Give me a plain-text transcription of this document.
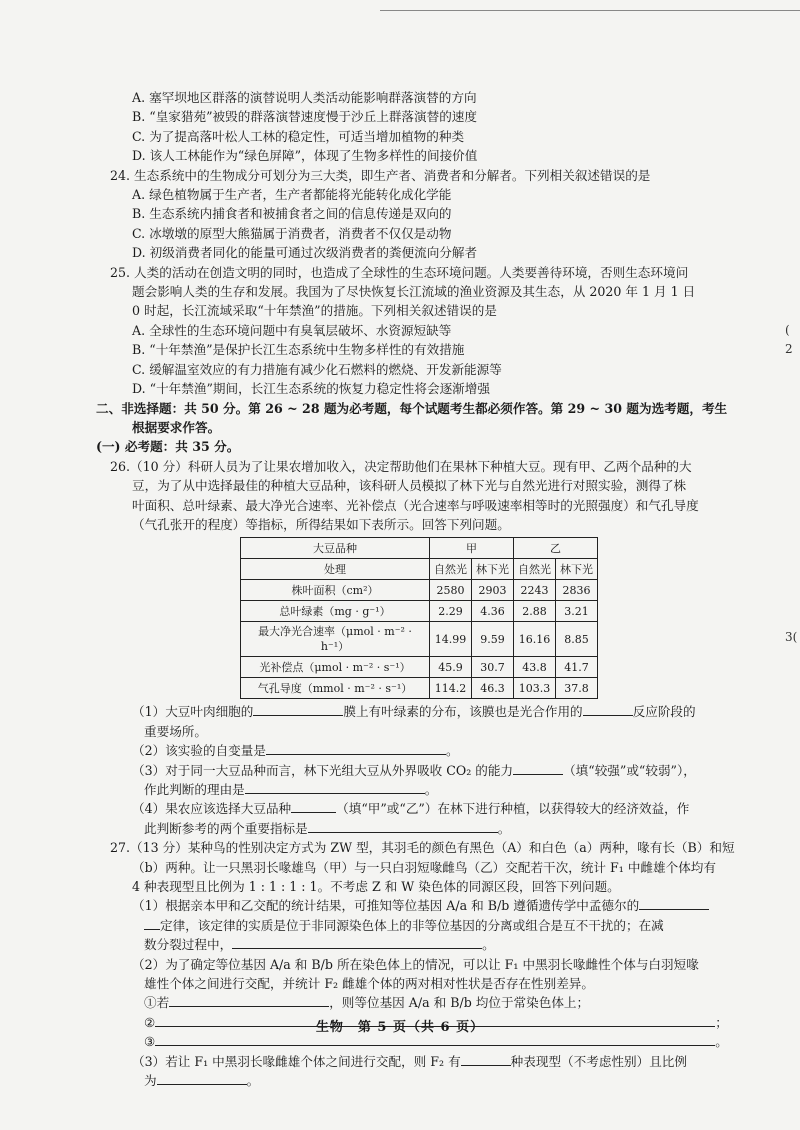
A. 塞罕坝地区群落的演替说明人类活动能影响群落演替的方向
B. “皇家猎苑”被毁的群落演替速度慢于沙丘上群落演替的速度
C. 为了提高落叶松人工林的稳定性，可适当增加植物的种类
D. 该人工林能作为“绿色屏障”，体现了生物多样性的间接价值
24. 生态系统中的生物成分可划分为三大类，即生产者、消费者和分解者。下列相关叙述错误的是
A. 绿色植物属于生产者，生产者都能将光能转化成化学能
B. 生态系统内捕食者和被捕食者之间的信息传递是双向的
C. 冰墩墩的原型大熊猫属于消费者，消费者不仅仅是动物
D. 初级消费者同化的能量可通过次级消费者的粪便流向分解者
25. 人类的活动在创造文明的同时，也造成了全球性的生态环境问题。人类要善待环境，否则生态环境问
题会影响人类的生存和发展。我国为了尽快恢复长江流域的渔业资源及其生态，从 2020 年 1 月 1 日
0 时起，长江流域采取“十年禁渔”的措施。下列相关叙述错误的是
A. 全球性的生态环境问题中有臭氧层破坏、水资源短缺等
B. “十年禁渔”是保护长江生态系统中生物多样性的有效措施
C. 缓解温室效应的有力措施有减少化石燃料的燃烧、开发新能源等
D. “十年禁渔”期间，长江生态系统的恢复力稳定性将会逐渐增强
二、非选择题：共 50 分。第 26 ~ 28 题为必考题，每个试题考生都必须作答。第 29 ~ 30 题为选考题，考生
根据要求作答。
(一) 必考题：共 35 分。
26.（10 分）科研人员为了让果农增加收入，决定帮助他们在果林下种植大豆。现有甲、乙两个品种的大
豆，为了从中选择最佳的种植大豆品种，该科研人员模拟了林下光与自然光进行对照实验，测得了株
叶面积、总叶绿素、最大净光合速率、光补偿点（光合速率与呼吸速率相等时的光照强度）和气孔导度
（气孔张开的程度）等指标，所得结果如下表所示。回答下列问题。
大豆品种	甲		乙	
处理	自然光	林下光	自然光	林下光
株叶面积（cm²）	2580	2903	2243	2836
总叶绿素（mg · g⁻¹）	2.29	4.36	2.88	3.21
最大净光合速率（μmol · m⁻² · h⁻¹）	14.99	9.59	16.16	8.85
光补偿点（μmol · m⁻² · s⁻¹）	45.9	30.7	43.8	41.7
气孔导度（mmol · m⁻² · s⁻¹）	114.2	46.3	103.3	37.8
（1）大豆叶肉细胞的	膜上有叶绿素的分布，该膜也是光合作用的	反应阶段的
重要场所。
（2）该实验的自变量是	。
（3）对于同一大豆品种而言，林下光组大豆从外界吸收 CO₂ 的能力	（填“较强”或“较弱”），
作此判断的理由是	。
（4）果农应该选择大豆品种	（填“甲”或“乙”）在林下进行种植，以获得较大的经济效益，作
此判断参考的两个重要指标是	。
27.（13 分）某种鸟的性别决定方式为 ZW 型，其羽毛的颜色有黑色（A）和白色（a）两种，喙有长（B）和短
（b）两种。让一只黑羽长喙雄鸟（甲）与一只白羽短喙雌鸟（乙）交配若干次，统计 F₁ 中雌雄个体均有
4 种表现型且比例为 1 : 1 : 1 : 1。不考虑 Z 和 W 染色体的同源区段，回答下列问题。
（1）根据亲本甲和乙交配的统计结果，可推知等位基因 A/a 和 B/b 遵循遗传学中孟德尔的
定律，该定律的实质是位于非同源染色体上的非等位基因的分离或组合是互不干扰的；在减
数分裂过程中，	。
（2）为了确定等位基因 A/a 和 B/b 所在染色体上的情况，可以让 F₁ 中黑羽长喙雌性个体与白羽短喙
雄性个体之间进行交配，并统计 F₂ 雌雄个体的两对相对性状是否存在性别差异。
①若	，则等位基因 A/a 和 B/b 均位于常染色体上；
②	；
③	。
（3）若让 F₁ 中黑羽长喙雌雄个体之间进行交配，则 F₂ 有	种表现型（不考虑性别）且比例
为	。
生物　第 5 页（共 6 页）
(
2
3(
